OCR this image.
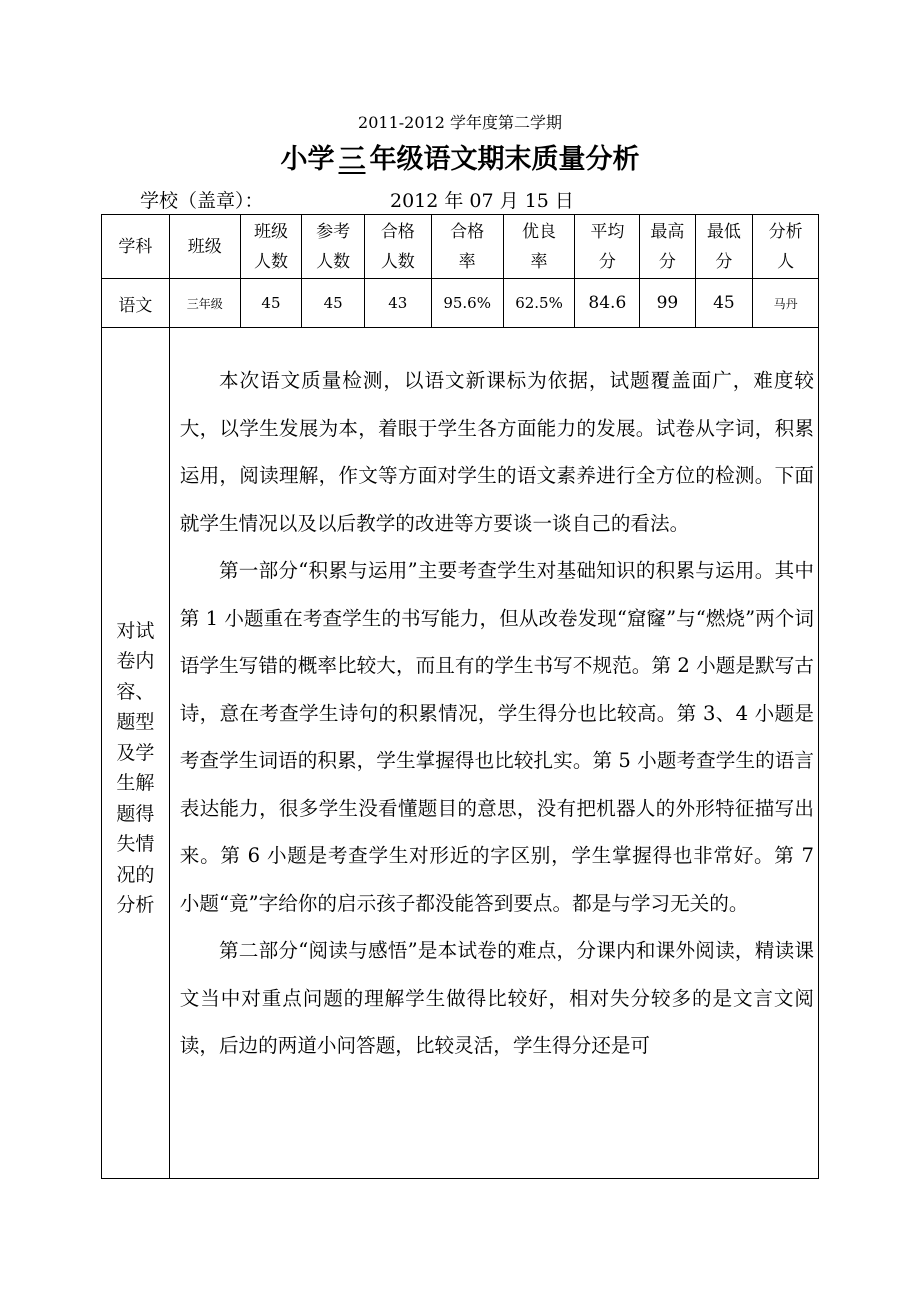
2011-2012 学年度第二学期
小学 三 年级语文期末质量分析
学校（盖章）：	2012 年 07 月 15 日
学科	班级	班级人数	参考人数	合格人数	合格率	优良率	平均分	最高分	最低分	分析人

语文	三年级	45	45	43	95.6%	62.5%	84.6	99	45	马丹

对试卷内容、题型及学生解题得失情况的分析	本次语文质量检测，以语文新课标为依据，试题覆盖面广，难度较大，以学生发展为本，着眼于学生各方面能力的发展。试卷从字词，积累运用，阅读理解，作文等方面对学生的语文素养进行全方位的检测。下面就学生情况以及以后教学的改进等方要谈一谈自己的看法。

第一部分“积累与运用”主要考查学生对基础知识的积累与运用。其中第 1 小题重在考查学生的书写能力，但从改卷发现“窟窿”与“燃烧”两个词语学生写错的概率比较大，而且有的学生书写不规范。第 2 小题是默写古诗，意在考查学生诗句的积累情况，学生得分也比较高。第 3、4 小题是考查学生词语的积累，学生掌握得也比较扎实。第 5 小题考查学生的语言表达能力，很多学生没看懂题目的意思，没有把机器人的外形特征描写出来。第 6 小题是考查学生对形近的字区别，学生掌握得也非常好。第 7 小题“竟”字给你的启示孩子都没能答到要点。都是与学习无关的。

第二部分“阅读与感悟”是本试卷的难点，分课内和课外阅读，精读课文当中对重点问题的理解学生做得比较好，相对失分较多的是文言文阅读，后边的两道小问答题，比较灵活，学生得分还是可									
